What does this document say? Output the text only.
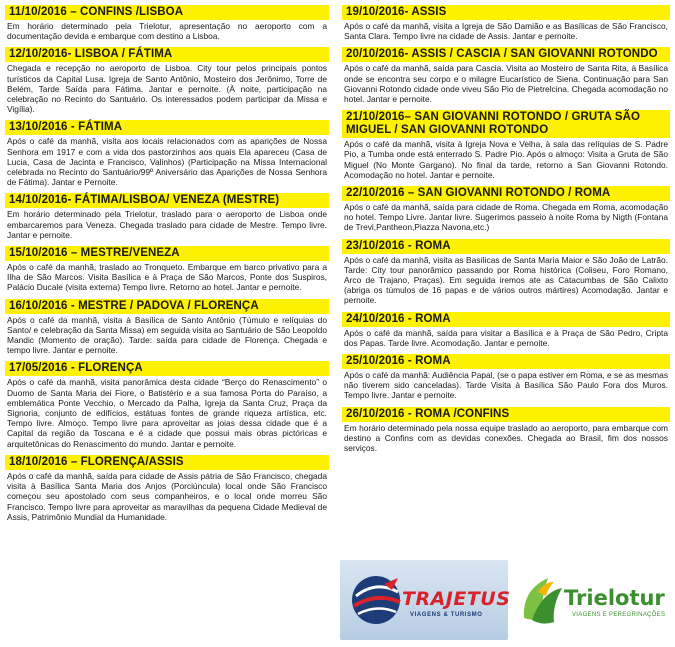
11/10/2016 – CONFINS /LISBOA
Em horário determinado pela Trielotur, apresentação no aeroporto com a documentação devida e embarque com destino a Lisboa.
12/10/2016- LISBOA / FÁTIMA
Chegada e recepção no aeroporto de Lisboa. City tour pelos principais pontos turísticos da Capital Lusa. Igreja de Santo Antônio, Mosteiro dos Jerônimo, Torre de Belém, Tarde Saída para Fátima. Jantar e pernoite. (À noite, participação na celebração no Recinto do Santuário. Os interessados podem participar da Missa e Vigília).
13/10/2016 - FÁTIMA
Após o café da manhã, visita aos locais relacionados com as aparições de Nossa Senhora em 1917 e com a vida dos pastorzinhos aos quais Ela apareceu (Casa de Lucia, Casa de Jacinta e Francisco, Valinhos) (Participação na Missa Internacional celebrada no Recinto do Santuário/99º Aniversário das Aparições de Nossa Senhora de Fátima). Jantar e Pernoite.
14/10/2016- FÁTIMA/LISBOA/ VENEZA (MESTRE)
Em horário determinado pela Trielotur, traslado para o aeroporto de Lisboa onde embarcaremos para Veneza. Chegada traslado para cidade de Mestre. Tempo livre. Jantar e pernoite.
15/10/2016 – MESTRE/VENEZA
Após o café da manhã, traslado ao Tronqueto. Embarque em barco privativo para a Ilha de São Marcos. Visita Basílica e à Praça de São Marcos, Ponte dos Suspiros, Palácio Ducale (visita externa) Tempo livre. Retorno ao hotel. Jantar e pernoite.
16/10/2016 - MESTRE / PADOVA / FLORENÇA
Após o café da manhã, visita à Basílica de Santo Antônio (Túmulo e relíquias do Santo/ e celebração da Santa Missa) em seguida visita ao Santuário de São Leopoldo Mandic (Momento de oração). Tarde: saída para cidade de Florença. Chegada e tempo livre. Jantar e pernoite.
17/05/2016 - FLORENÇA
Após o café da manhã, visita panorâmica desta cidade “Berço do Renascimento” o Duomo de Santa Maria dei Fiore, o Batistério e a sua famosa Porta do Paraíso, a emblemática Ponte Vecchio, o Mercado da Palha, Igreja da Santa Cruz, Praça da Signoria, conjunto de edifícios, estátuas fontes de grande riqueza artística, etc. Tempo livre. Almoço. Tempo livre para aproveitar as joias dessa cidade que é a Capital da região da Toscana e é a cidade que possui mais obras pictóricas e arquitetônicas do Renascimento do mundo. Jantar e pernoite.
18/10/2016 – FLORENÇA/ASSIS
Após o café da manhã, saída para cidade de Assis pátria de São Francisco, chegada visita à Basílica Santa Maria dos Anjos (Porciúncula) local onde São Francisco começou seu apostolado com seus companheiros, e o local onde morreu São Francisco. Tempo livre para aproveitar as maravilhas da pequena Cidade Medieval de Assis, Patrimônio Mundial da Humanidade.
19/10/2016- ASSIS
Após o café da manhã, visita a Igreja de São Damião e as Basílicas de São Francisco, Santa Clara. Tempo livre na cidade de Assis. Jantar e pernoite.
20/10/2016- ASSIS / CASCIA / SAN GIOVANNI ROTONDO
Após o café da manhã, saída para Cascia. Visita ao Mosteiro de Santa Rita, à Basílica onde se encontra seu corpo e o milagre Eucarístico de Siena. Continuação para San Giovanni Rotondo cidade onde viveu São Pio de Pietrelcina. Chegada acomodação no hotel. Jantar e pernoite.
21/10/2016– SAN GIOVANNI ROTONDO / GRUTA SÃO MIGUEL / SAN GIOVANNI ROTONDO
Após o café da manhã, visita à Igreja Nova e Velha, à sala das relíquias de S. Padre Pio, a Tumba onde está enterrado S. Padre Pio. Após o almoço: Visita a Gruta de São Miguel (No Monte Gargano). No final da tarde, retorno a San Giovanni Rotondo. Acomodação no hotel. Jantar e pernoite.
22/10/2016 – SAN GIOVANNI ROTONDO / ROMA
Após o café da manhã, saída para cidade de Roma. Chegada em Roma, acomodação no hotel. Tempo Livre. Jantar livre. Sugerimos passeio à noite Roma by Nigth (Fontana de Trevi,Pantheon,Piazza Navona,etc.)
23/10/2016 - ROMA
Após o café da manhã, visita as Basílicas de Santa Maria Maior e São João de Latrão. Tarde: City tour panorâmico passando por Roma histórica (Coliseu, Foro Romano, Arco de Trajano, Praças). Em seguida iremos ate as Catacumbas de São Calixto (abriga os túmulos de 16 papas e de vários outros mártires) Acomodação. Jantar e pernoite.
24/10/2016 - ROMA
Após o café da manhã, saída para visitar a Basílica e à Praça de São Pedro, Cripta dos Papas. Tarde livre. Acomodação. Jantar e pernoite.
25/10/2016 - ROMA
Após o café da manhã: Audiência Papal, (se o papa estiver em Roma, e se as mesmas não tiverem sido canceladas). Tarde Visita à Basílica São Paulo Fora dos Muros. Tempo livre. Jantar e pernoite.
26/10/2016 - ROMA /CONFINS
Em horário determinado pela nossa equipe traslado ao aeroporto, para embarque com destino a Confins com as devidas conexões. Chegada ao Brasil, fim dos nossos serviços.
TRAJETUS
VIAGENS & TURISMO
Trielotur
VIAGENS E PEREGRINAÇÕES
